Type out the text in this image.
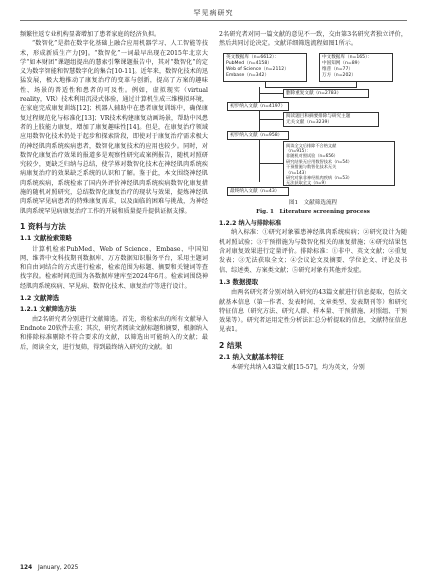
罕见病研究

频繁往返专业机构显著增加了患者家庭的经济负担。

“数智化”是指在数字化基础上融合应用机器学习、人工智能等技术，形成新质生产力[9]。“数智化”一词最早出现在2015年北京大学“如本财团”课题组提出的慧索引擎课题报告中，其对“数智化”的定义为数字智能和智慧数字化的集合[10-11]。近年来，数智化技术的迅猛发展，极大地推动了康复治疗的变革与创新，提高了方案的趣味性、场景的普适性和患者的可及性。例如，虚拟现实（virtual reality，VR）技术利用沉浸式体验，通过计算机生成三维模拟环境，在家庭完成康复训练[12]；机器人辅助中在患者康复训练中，确保康复过程规范化与标准化[13]；VR技术构建康复动画场景，帮助中风患者的上肢能力康复，增加了康复趣味性[14]。但是，在康复治疗领域应用数智化技术仍处于起步和探索阶段，即使对于康复治疗需求极大的神经肌肉系统疾病患者，数智化康复技术的应用也较少。同时，对数智化康复治疗效果的报道多是观察性研究或案例报告，随机对照研究较少，更缺乏归纳与总结，使学界对数智化技术在神经肌肉系统疾病康复治疗的效果缺乏系统的认识和了解。鉴于此，本文围绕神经肌肉系统疾病，系统检索了国内外评价神经肌肉系统疾病数智化康复措施的随机对照研究，总结数智化康复治疗的现状与效果，提炼神经肌肉系统罕见病患者的特殊康复需求，以及面临的困难与挑战，为神经肌肉系统罕见病康复治疗工作的开展和质量提升提供证据支撑。

1 资料与方法
1.1 文献检索策略

计算机检索PubMed、Web of Science、Embase、中国知网、维普中文科技期刊数据库、万方数据知识服务平台，采用主题词和自由词结合的方式进行检索，检索范围为标题、摘要和关键词等查找字段。检索时间范围为各数据库建库至2024年6月。检索词围绕神经肌肉系统疾病、罕见病、数智化技术、康复治疗等进行设计。

1.2 文献筛选
1.2.1 文献筛选方法

由2名研究者分别进行文献筛选。首先，将检索出的所有文献导入Endnote 20软件去重；其次，研究者阅读文献标题和摘要，根据纳入和排除标准剔除不符合要求的文献，以筛选出可能纳入的文献；最后，阅读全文，进行复筛，得到最终纳入研究的文献。如

2名研究者对同一篇文献的意见不一致，交由第3名研究者独立评价，然后共同讨论决定。文献详细筛选流程如图1所示。

英文数据库（n=6612）：
PubMed（n=4158）
Web of Science（n=2112）
Embase（n=342）
中文数据库（n=165）：
中国知网（n=89）
维普（n=77）
万方（n=202）
删除重复文献（n=2783）
初步纳入文献（n=4197）
阅读题目和摘要排除与研究主题
无关文献（n=3239）
初步纳入文献（n=958）
阅读全文后排除不合格文献
（n=915）：
非随机对照试验（n=656）
研究结果无应用数智技术（n=54）
干预措施与数智化技术无关
（n=143）
研究对象非神经肌肉疾病（n=53）
无法获取全文（n=9）
最终纳入文献（n=43）
图1　文献筛选流程
Fig. 1　Literature screening process
1.2.2 纳入与排除标准

纳入标准：①研究对象罹患神经肌肉系统疾病；②研究设计为随机对照试验；③干预措施为与数智化相关的康复措施；④研究结果包含对康复效果进行定量评价。排除标准：①非中、英文文献；②重复发表；③无法获取全文；④会议论文及摘要、学位论文、评论及书信、综述类、方案类文献；⑤研究对象有其他并发症。

1.3 数据提取

由两名研究者分别对纳入研究的43篇文献进行信息提取，包括文献基本信息（第一作者、发表时间、文章类型、发表期刊等）和研究特征信息（研究方法、研究人群、样本量、干预措施、对照组、干预效果等）。研究者运用定性分析法汇总分析提取的信息，文献特征信息见表1。

2 结果
2.1 纳入文献基本特征

本研究共纳入43篇文献[15-57]，均为英文，分别

124 January, 2025
